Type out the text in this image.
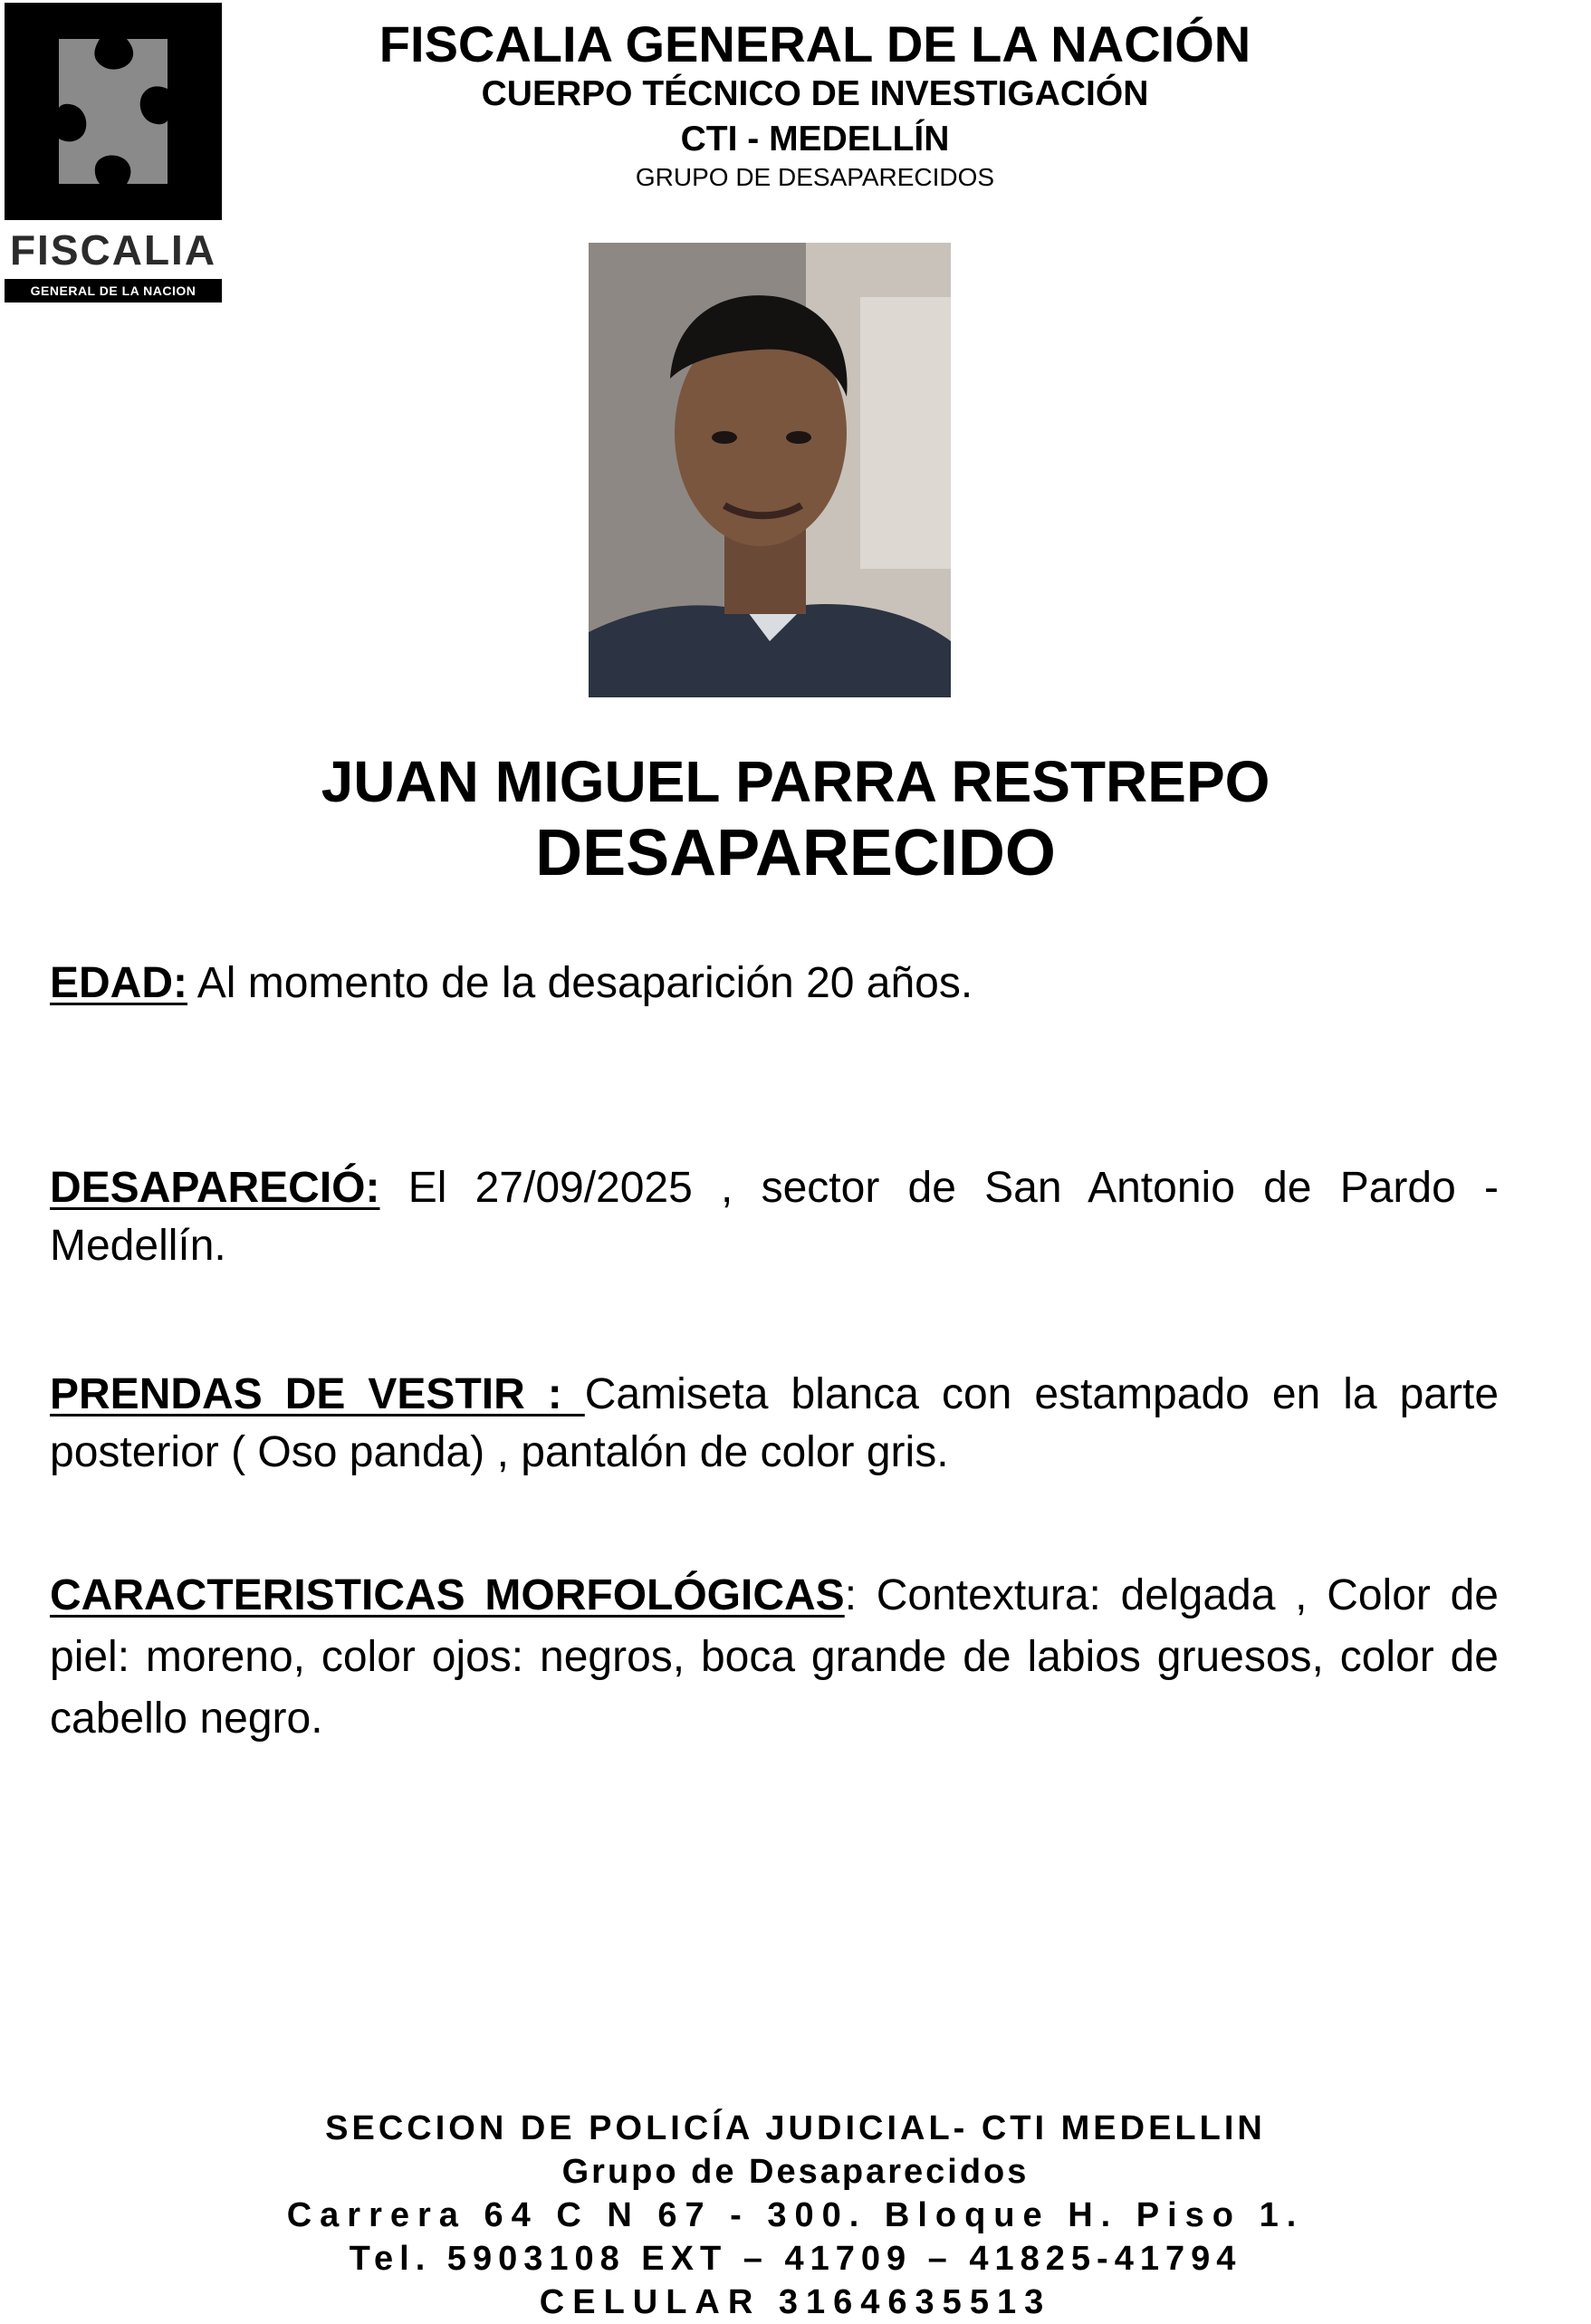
FISCALIA
GENERAL DE LA NACION
FISCALIA GENERAL DE LA NACIÓN
CUERPO TÉCNICO DE INVESTIGACIÓN
CTI - MEDELLÍN
GRUPO DE DESAPARECIDOS
JUAN MIGUEL PARRA RESTREPO
DESAPARECIDO
EDAD: Al momento de la desaparición 20 años.
DESAPARECIÓ: El 27/09/2025 , sector de San Antonio de Pardo - Medellín.
PRENDAS DE VESTIR : Camiseta blanca con estampado en la parte posterior ( Oso panda) , pantalón de color gris.
CARACTERISTICAS MORFOLÓGICAS: Contextura: delgada , Color de piel: moreno, color ojos: negros, boca grande de labios gruesos, color de cabello negro.
SECCION DE POLICÍA JUDICIAL- CTI MEDELLIN
Grupo de Desaparecidos
Carrera 64 C N 67 - 300. Bloque H. Piso 1.
Tel. 5903108 EXT – 41709 – 41825-41794
CELULAR 3164635513
